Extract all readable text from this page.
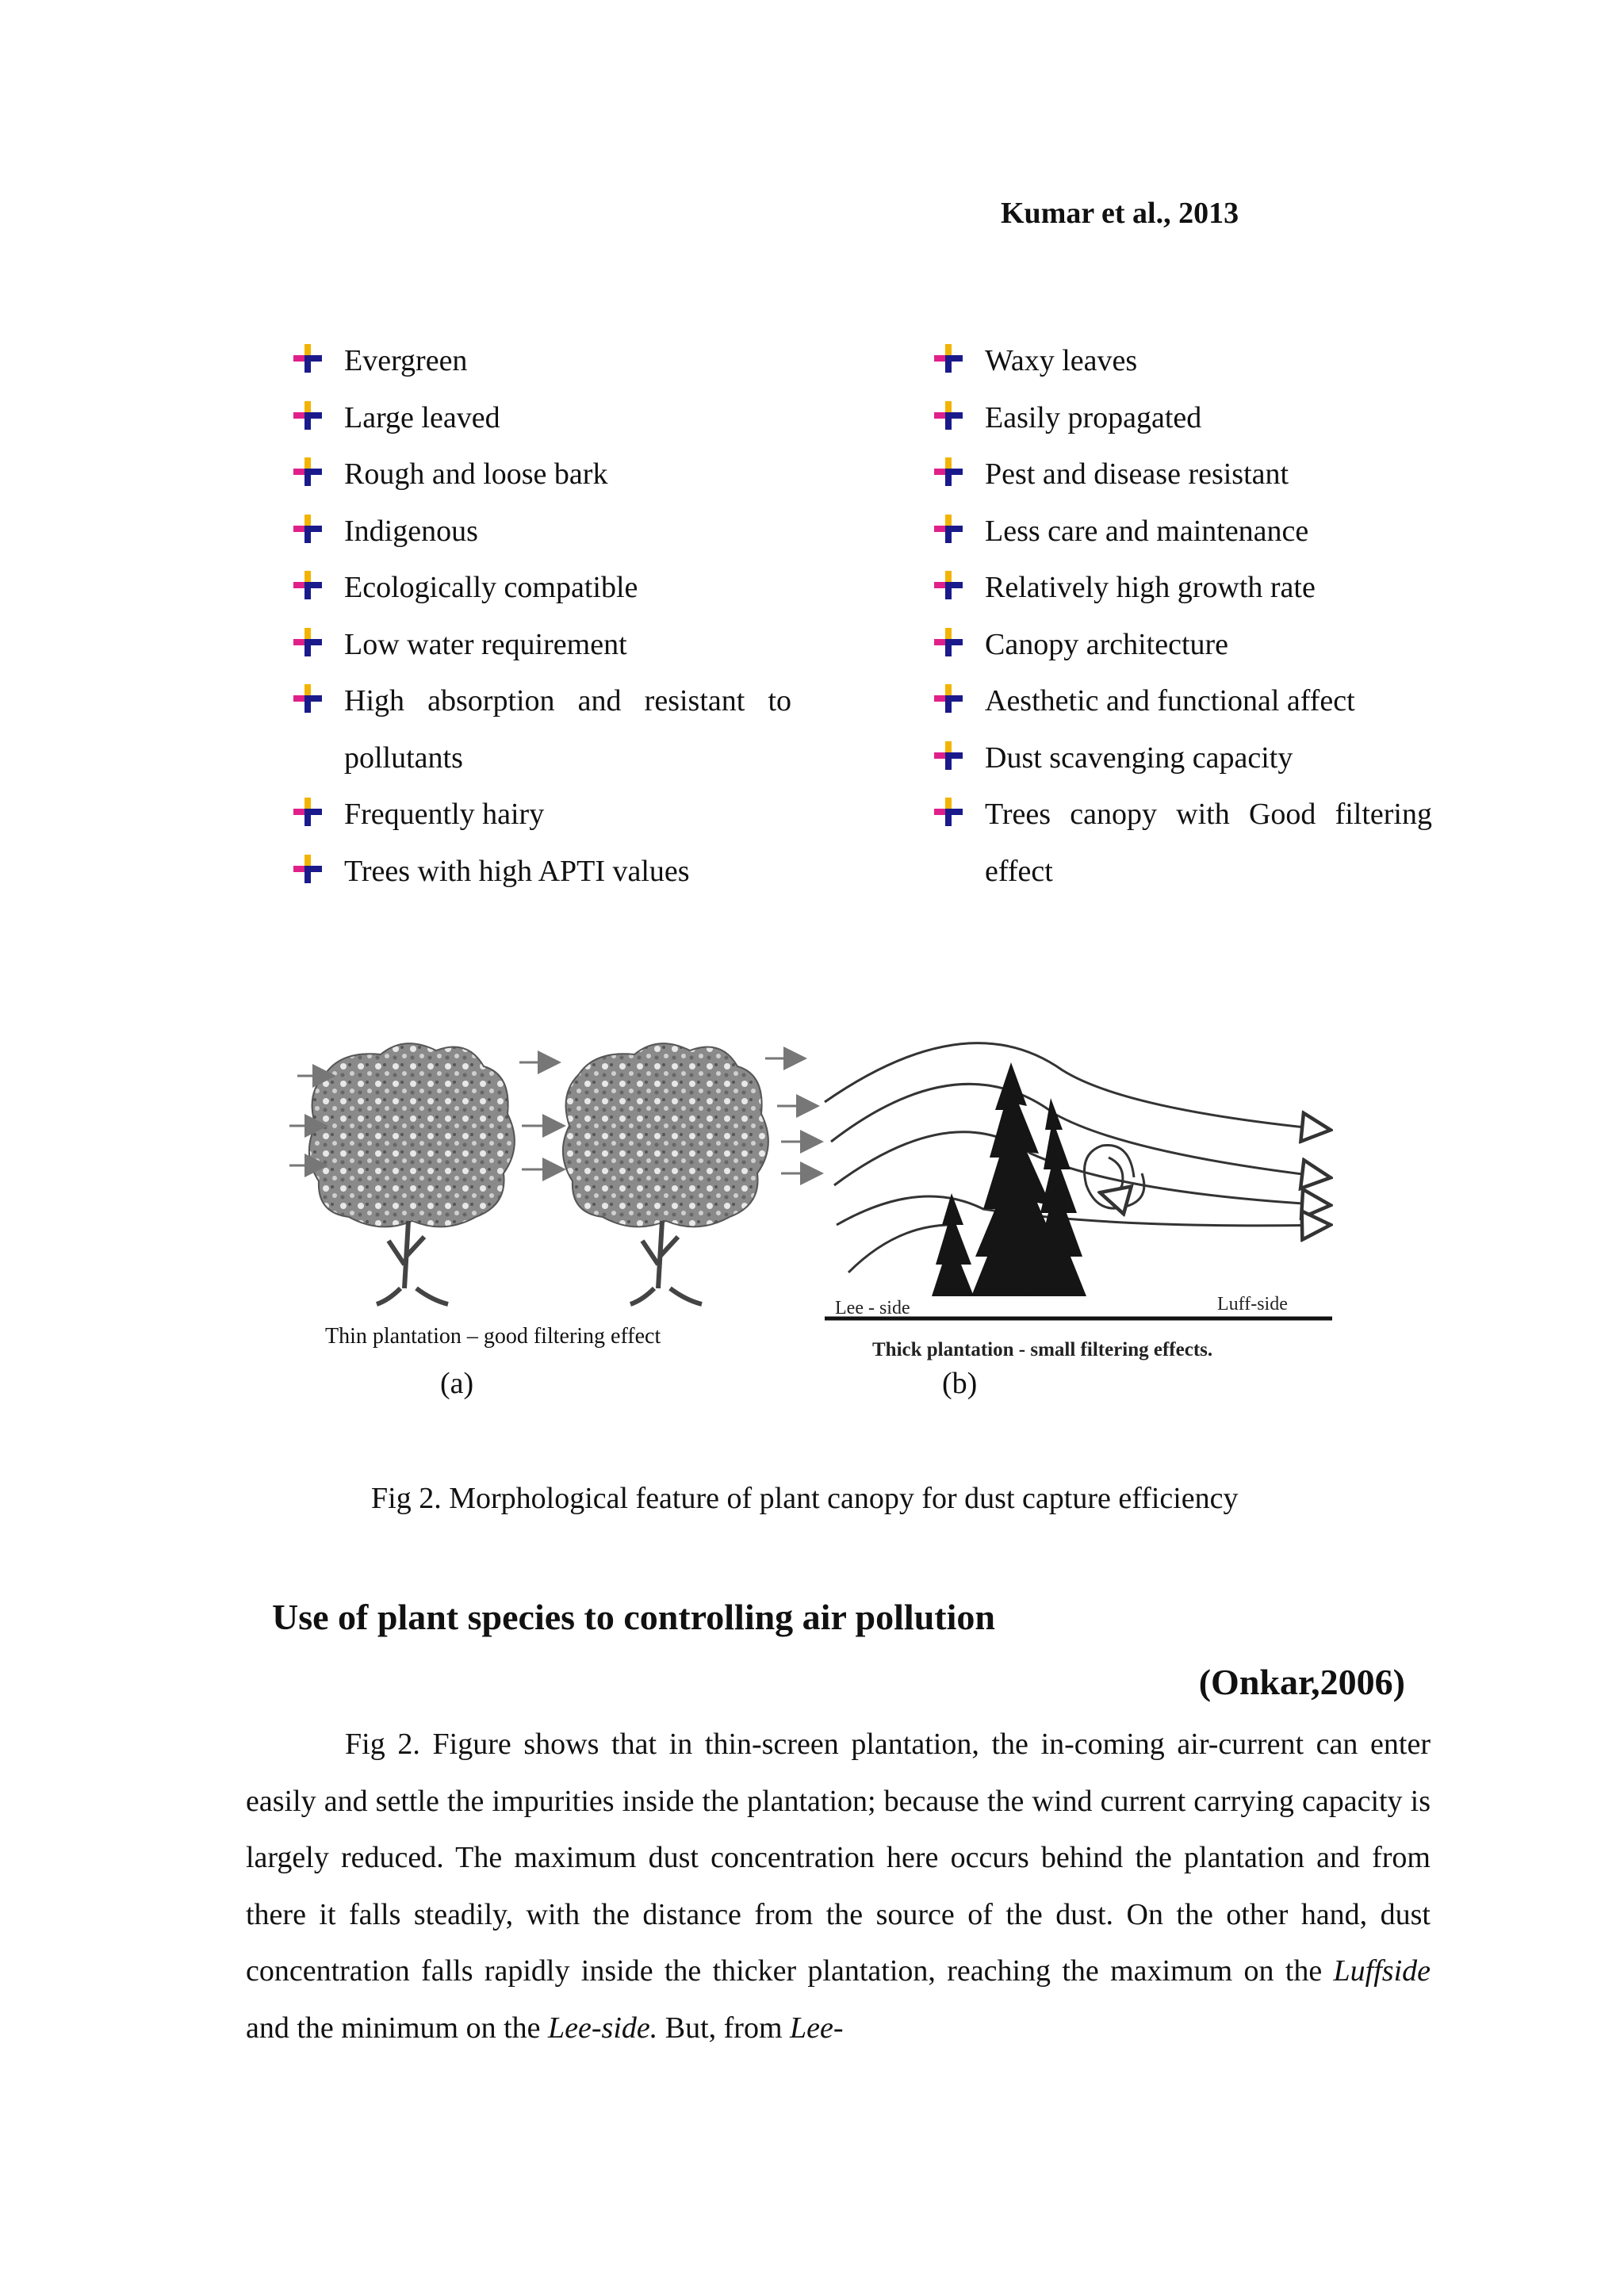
Kumar et al., 2013
Evergreen
Large leaved
Rough and loose bark
Indigenous
Ecologically compatible
Low water requirement
High absorption and resistant to pollutants
Frequently hairy
Trees with high APTI values
Waxy leaves
Easily propagated
Pest and disease resistant
Less care and maintenance
Relatively high growth rate
Canopy architecture
Aesthetic and functional affect
Dust scavenging capacity
Trees canopy with Good filtering effect
Lee - side	Luff-side
Thick plantation - small filtering effects.
Thin plantation – good filtering effect
(a)	(b)
Fig 2. Morphological feature of plant canopy for dust capture efficiency
Use of plant species to controlling air pollution
(Onkar,2006)

Fig 2. Figure shows that in thin-screen plantation, the in-coming air-current can enter easily and settle the impurities inside the plantation; because the wind current carrying capacity is largely reduced. The maximum dust concentration here occurs behind the plantation and from there it falls steadily, with the distance from the source of the dust. On the other hand, dust concentration falls rapidly inside the thicker plantation, reaching the maximum on the Luffside and the minimum on the Lee-side. But, from Lee-
